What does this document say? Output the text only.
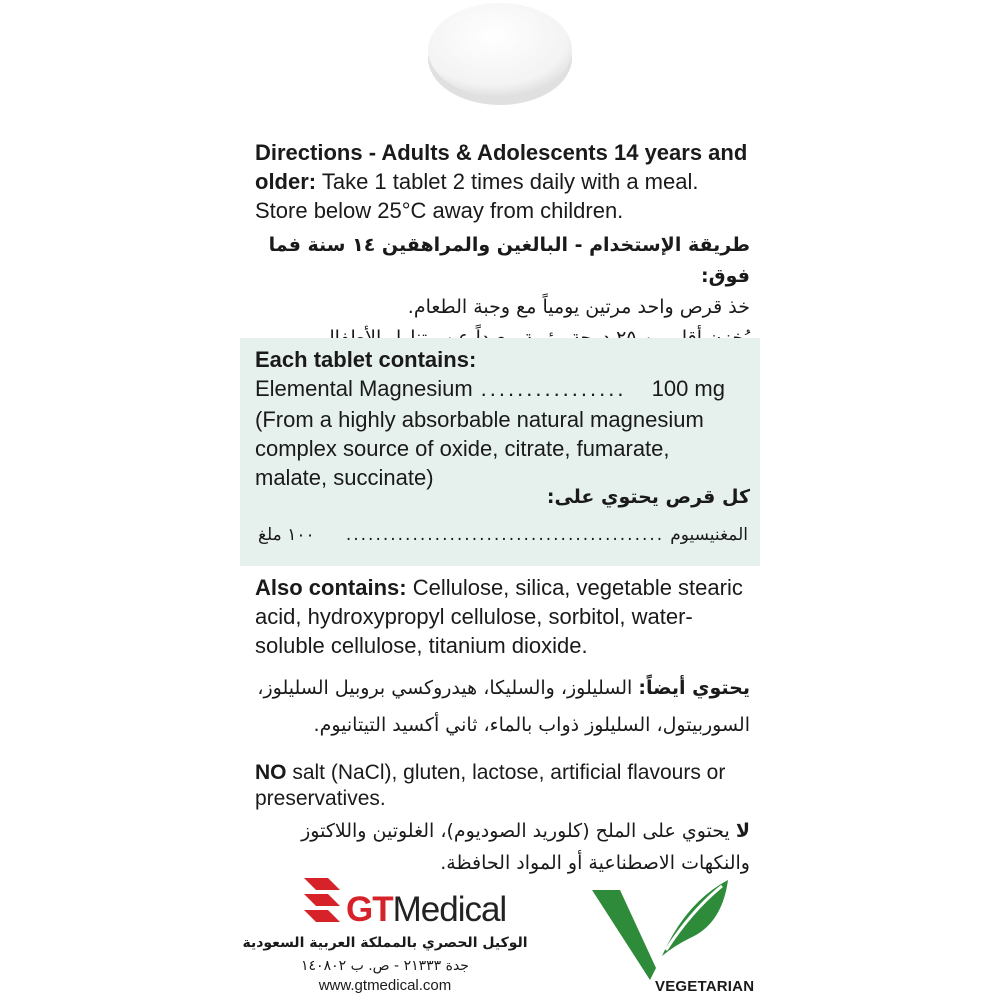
Directions - Adults & Adolescents 14 years and older: Take 1 tablet 2 times daily with a meal. Store below 25°C away from children.
طريقة الإستخدام - البالغين والمراهقين ١٤ سنة فما فوق:
خذ قرص واحد مرتين يومياً مع وجبة الطعام.
Each tablet contains:
Elemental Magnesium ................	100 mg
(From a highly absorbable natural magnesium complex source of oxide, citrate, fumarate, malate, succinate)
كل قرص يحتوي على:
المغنيسيوم
...........................................
١٠٠ ملغ
Also contains: Cellulose, silica, vegetable stearic acid, hydroxypropyl cellulose, sorbitol, water-soluble cellulose, titanium dioxide.
يحتوي أيضاً: السليلوز، والسليكا، هيدروكسي بروبيل السليلوز، السوربيتول، السليلوز ذواب بالماء، ثاني أكسيد التيتانيوم.
NO salt (NaCl), gluten, lactose, artificial flavours or preservatives.
لا يحتوي على الملح (كلوريد الصوديوم)، الغلوتين واللاكتوز والنكهات الاصطناعية أو المواد الحافظة.
GTMedical
الوكيل الحصري بالمملكة العربية السعودية
جدة ٢١٣٣٣ - ص. ب ١٤٠٨٠٢
www.gtmedical.com	VEGETARIAN
